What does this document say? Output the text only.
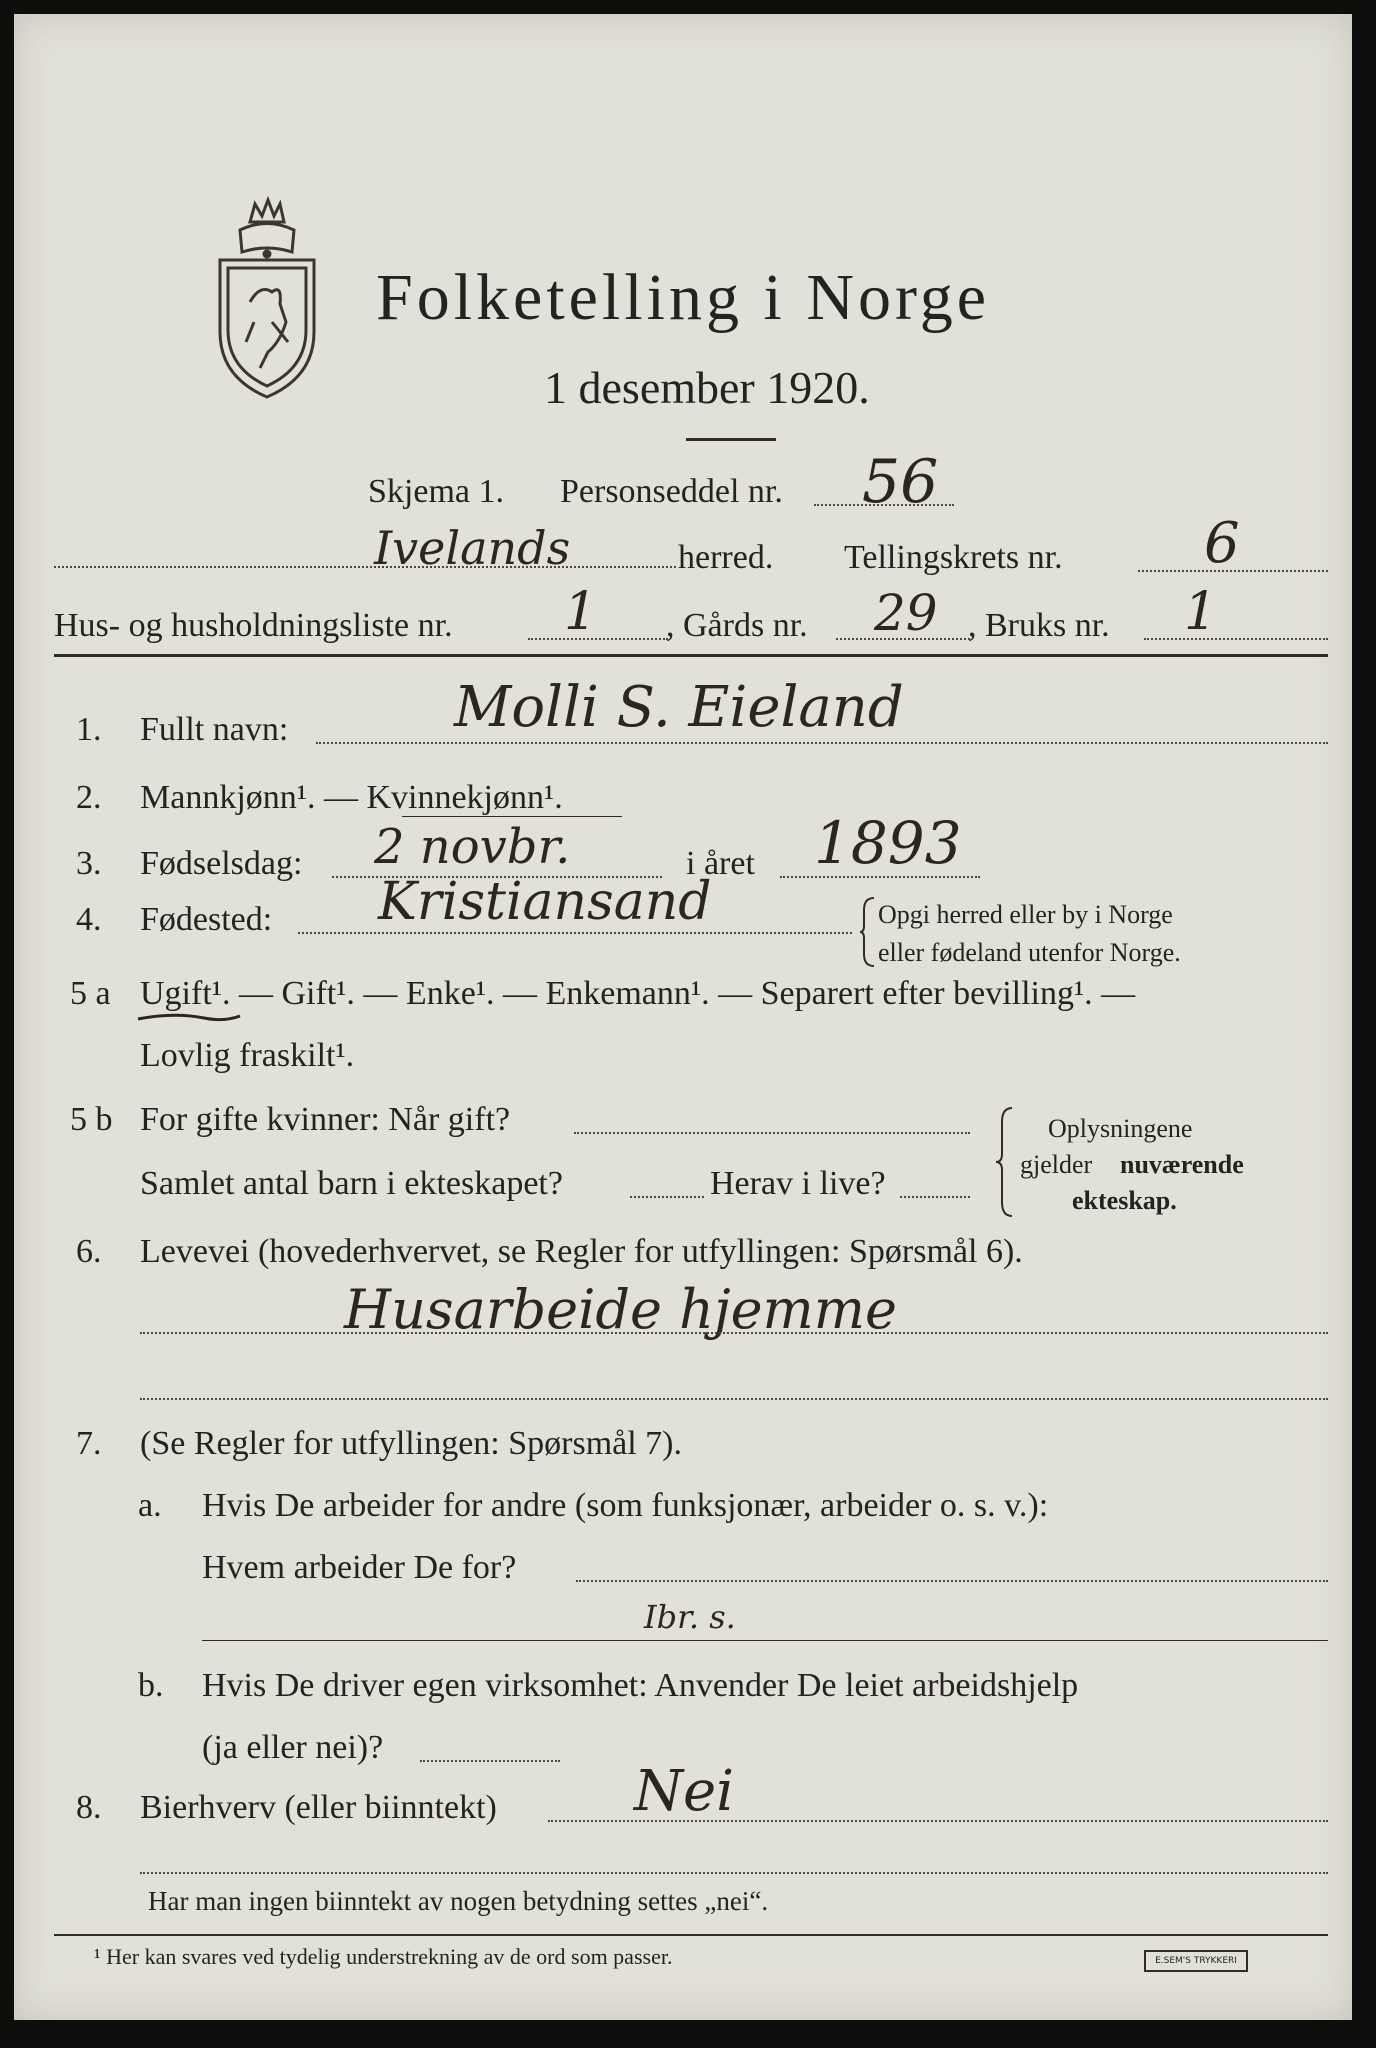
Folketelling i Norge
1 desember 1920.
Skjema 1. Personseddel nr. 56
Ivelands	herred. Tellingskrets nr.	6
Hus- og husholdningsliste nr. 1 , Gårds nr. 29 , Bruks nr. 1
1. Fullt navn:	Molli S. Eieland
2. Mannkjønn¹. — Kvinnekjønn¹.
3. Fødselsdag: 2 novbr.	i året 1893
4. Fødested: Kristiansand	Opgi herred eller by i Norge
eller fødeland utenfor Norge.
5 a Ugift¹. — Gift¹. — Enke¹. — Enkemann¹. — Separert efter bevilling¹. —
Lovlig fraskilt¹.
5 b For gifte kvinner: Når gift?
Samlet antal barn i ekteskapet?	Herav i live?
Oplysningene
gjelder nuværende
ekteskap.
6. Levevei (hovederhvervet, se Regler for utfyllingen: Spørsmål 6).
Husarbeide hjemme
7. (Se Regler for utfyllingen: Spørsmål 7).
a. Hvis De arbeider for andre (som funksjonær, arbeider o. s. v.):
Hvem arbeider De for?
Ibr. s.
b. Hvis De driver egen virksomhet: Anvender De leiet arbeidshjelp
(ja eller nei)?
8. Bierhverv (eller biinntekt) Nei
Har man ingen biinntekt av nogen betydning settes „nei“.
¹ Her kan svares ved tydelig understrekning av de ord som passer.	E.SEM'S TRYKKERI
